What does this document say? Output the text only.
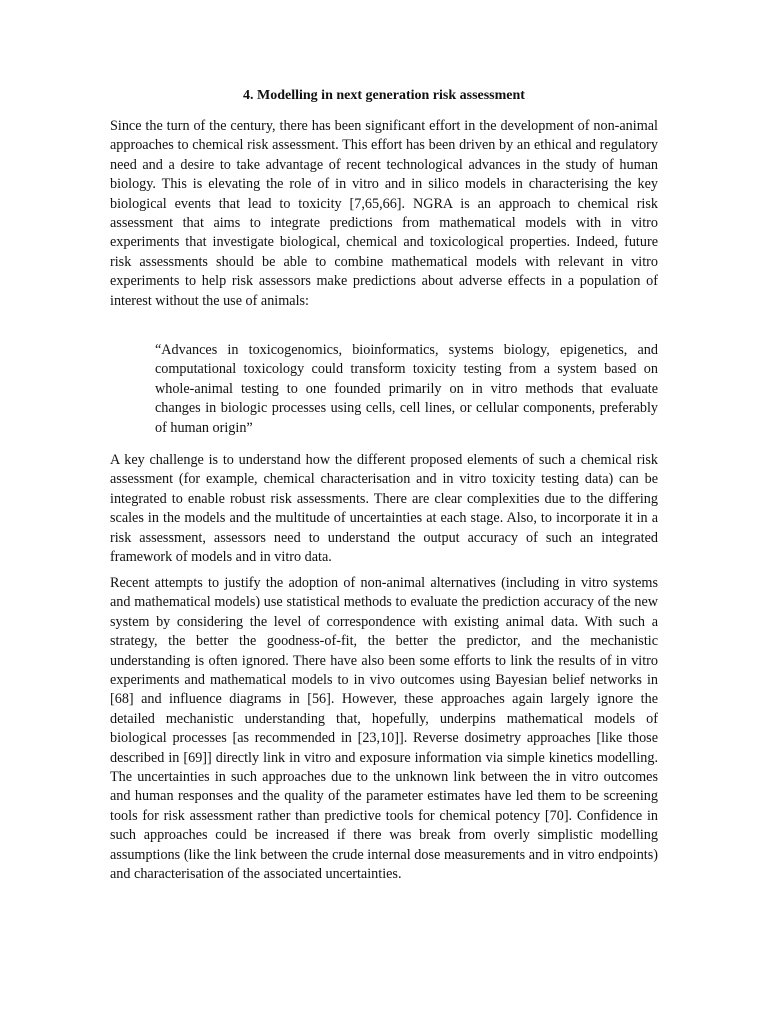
4. Modelling in next generation risk assessment

Since the turn of the century, there has been significant effort in the development of non-animal approaches to chemical risk assessment. This effort has been driven by an ethical and regulatory need and a desire to take advantage of recent technological advances in the study of human biology. This is elevating the role of in vitro and in silico models in characterising the key biological events that lead to toxicity [7,65,66]. NGRA is an approach to chemical risk assessment that aims to integrate predictions from mathematical models with in vitro experiments that investigate biological, chemical and toxicological properties. Indeed, future risk assessments should be able to combine mathematical models with relevant in vitro experiments to help risk assessors make predictions about adverse effects in a population of interest without the use of animals:

“Advances in toxicogenomics, bioinformatics, systems biology, epigenetics, and computational toxicology could transform toxicity testing from a system based on whole-animal testing to one founded primarily on in vitro methods that evaluate changes in biologic processes using cells, cell lines, or cellular components, preferably of human origin”

A key challenge is to understand how the different proposed elements of such a chemical risk assessment (for example, chemical characterisation and in vitro toxicity testing data) can be integrated to enable robust risk assessments. There are clear complexities due to the differing scales in the models and the multitude of uncertainties at each stage. Also, to incorporate it in a risk assessment, assessors need to understand the output accuracy of such an integrated framework of models and in vitro data.

Recent attempts to justify the adoption of non-animal alternatives (including in vitro systems and mathematical models) use statistical methods to evaluate the prediction accuracy of the new system by considering the level of correspondence with existing animal data. With such a strategy, the better the goodness-of-fit, the better the predictor, and the mechanistic understanding is often ignored. There have also been some efforts to link the results of in vitro experiments and mathematical models to in vivo outcomes using Bayesian belief networks in [68] and influence diagrams in [56]. However, these approaches again largely ignore the detailed mechanistic understanding that, hopefully, underpins mathematical models of biological processes [as recommended in [23,10]]. Reverse dosimetry approaches [like those described in [69]] directly link in vitro and exposure information via simple kinetics modelling. The uncertainties in such approaches due to the unknown link between the in vitro outcomes and human responses and the quality of the parameter estimates have led them to be screening tools for risk assessment rather than predictive tools for chemical potency [70]. Confidence in such approaches could be increased if there was break from overly simplistic modelling assumptions (like the link between the crude internal dose measurements and in vitro endpoints) and characterisation of the associated uncertainties.
